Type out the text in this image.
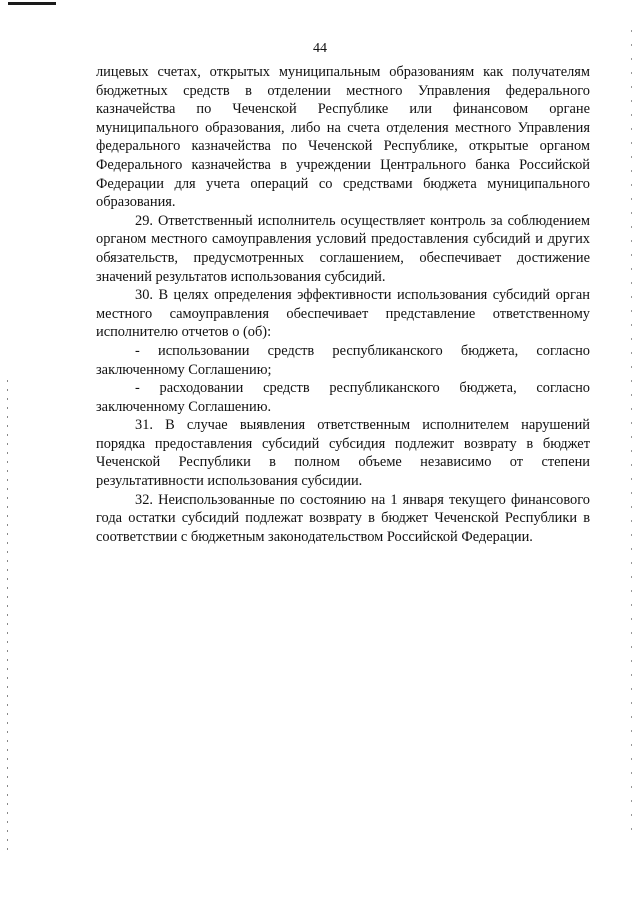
44

лицевых счетах, открытых муниципальным образованиям как получателям бюджетных средств в отделении местного Управления федерального казначейства по Чеченской Республике или финансовом органе муниципального образования, либо на счета отделения местного Управления федерального казначейства по Чеченской Республике, открытые органом Федерального казначейства в учреждении Центрального банка Российской Федерации для учета операций со средствами бюджета муниципального образования.

29. Ответственный исполнитель осуществляет контроль за соблюдением органом местного самоуправления условий предоставления субсидий и других обязательств, предусмотренных соглашением, обеспечивает достижение значений результатов использования субсидий.

30. В целях определения эффективности использования субсидий орган местного самоуправления обеспечивает представление ответственному исполнителю отчетов о (об):

- использовании средств республиканского бюджета, согласно заключенному Соглашению;

- расходовании средств республиканского бюджета, согласно заключенному Соглашению.

31. В случае выявления ответственным исполнителем нарушений порядка предоставления субсидий субсидия подлежит возврату в бюджет Чеченской Республики в полном объеме независимо от степени результативности использования субсидии.

32. Неиспользованные по состоянию на 1 января текущего финансового года остатки субсидий подлежат возврату в бюджет Чеченской Республики в соответствии с бюджетным законодательством Российской Федерации.
